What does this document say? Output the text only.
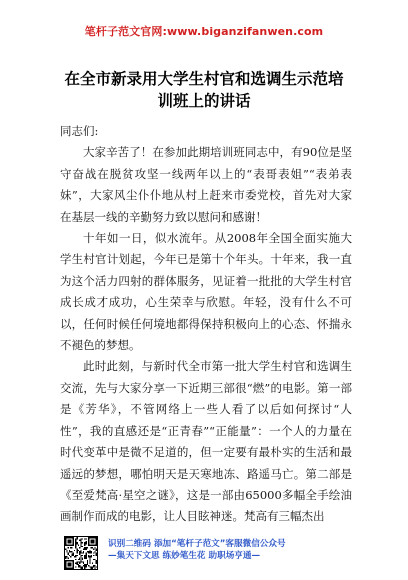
笔杆子范文官网:www.biganzifanwen.com
在全市新录用大学生村官和选调生示范培
训班上的讲话

同志们:

大家辛苦了！在参加此期培训班同志中，有90位是坚守奋战在脱贫攻坚一线两年以上的“表哥表姐”“表弟表妹”，大家风尘仆仆地从村上赶来市委党校，首先对大家在基层一线的辛勤努力致以慰问和感谢！

十年如一日，似水流年。从2008年全国全面实施大学生村官计划起，今年已是第十个年头。十年来，我一直为这个活力四射的群体服务，见证着一批批的大学生村官成长成才成功，心生荣幸与欣慰。年轻，没有什么不可以，任何时候任何境地都得保持积极向上的心态、怀揣永不褪色的梦想。

此时此刻，与新时代全市第一批大学生村官和选调生交流，先与大家分享一下近期三部很“燃”的电影。第一部是《芳华》，不管网络上一些人看了以后如何探讨“人性”，我的直感还是“正青春”“正能量”：一个人的力量在时代变革中是微不足道的，但一定要有最朴实的生活和最遥远的梦想，哪怕明天是天寒地冻、路遥马亡。第二部是《至爱梵高·星空之谜》，这是一部由65000多幅全手绘油画制作而成的电影，让人目眩神迷。梵高有三幅杰出

识别二维码 添加“笔杆子范文”客服微信公众号
—集天下文思 练妙笔生花 助职场亨通—
